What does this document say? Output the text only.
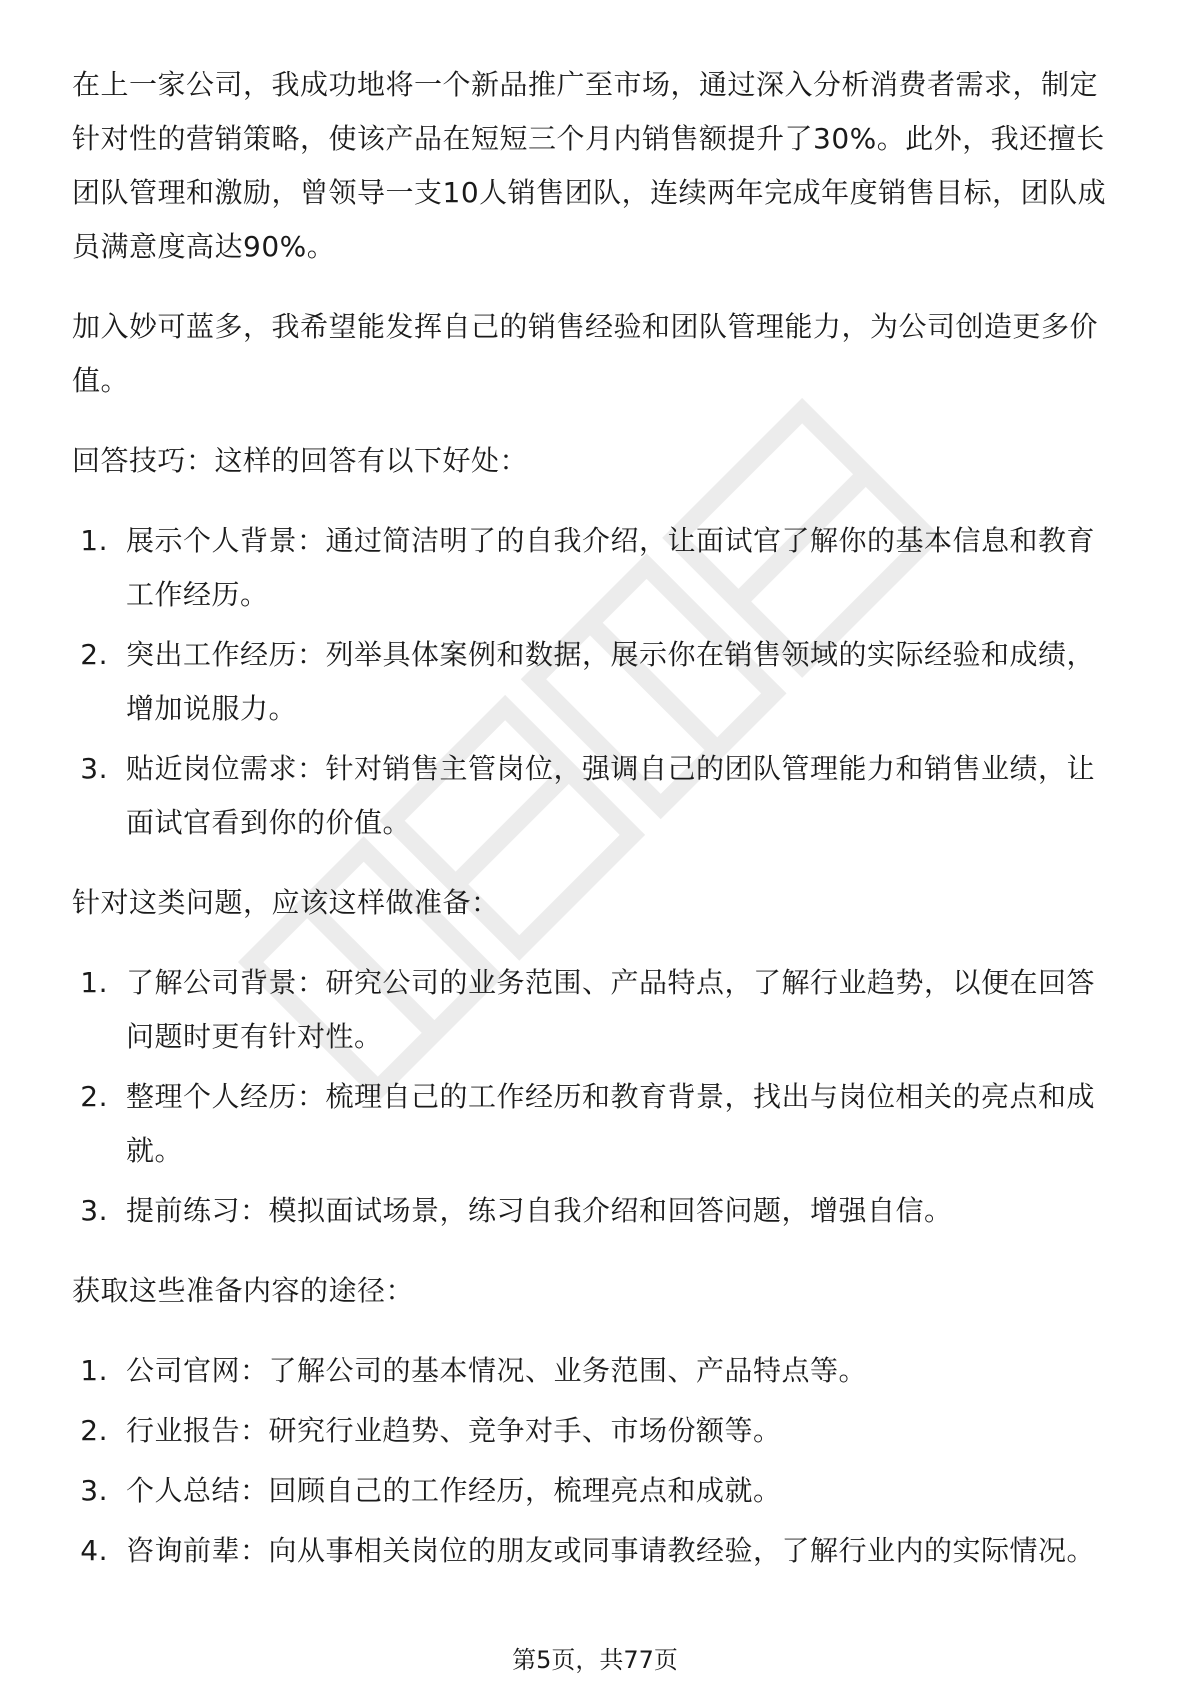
在上一家公司，我成功地将一个新品推广至市场，通过深入分析消费者需求，制定针对性的营销策略，使该产品在短短三个月内销售额提升了30%。此外，我还擅长团队管理和激励，曾领导一支10人销售团队，连续两年完成年度销售目标，团队成员满意度高达90%。

加入妙可蓝多，我希望能发挥自己的销售经验和团队管理能力，为公司创造更多价值。

回答技巧：这样的回答有以下好处：

1. 展示个人背景：通过简洁明了的自我介绍，让面试官了解你的基本信息和教育工作经历。
2. 突出工作经历：列举具体案例和数据，展示你在销售领域的实际经验和成绩，增加说服力。
3. 贴近岗位需求：针对销售主管岗位，强调自己的团队管理能力和销售业绩，让面试官看到你的价值。

针对这类问题，应该这样做准备：

1. 了解公司背景：研究公司的业务范围、产品特点，了解行业趋势，以便在回答问题时更有针对性。
2. 整理个人经历：梳理自己的工作经历和教育背景，找出与岗位相关的亮点和成就。
3. 提前练习：模拟面试场景，练习自我介绍和回答问题，增强自信。

获取这些准备内容的途径：

1. 公司官网：了解公司的基本情况、业务范围、产品特点等。
2. 行业报告：研究行业趋势、竞争对手、市场份额等。
3. 个人总结：回顾自己的工作经历，梳理亮点和成就。
4. 咨询前辈：向从事相关岗位的朋友或同事请教经验，了解行业内的实际情况。
第5页，共77页
